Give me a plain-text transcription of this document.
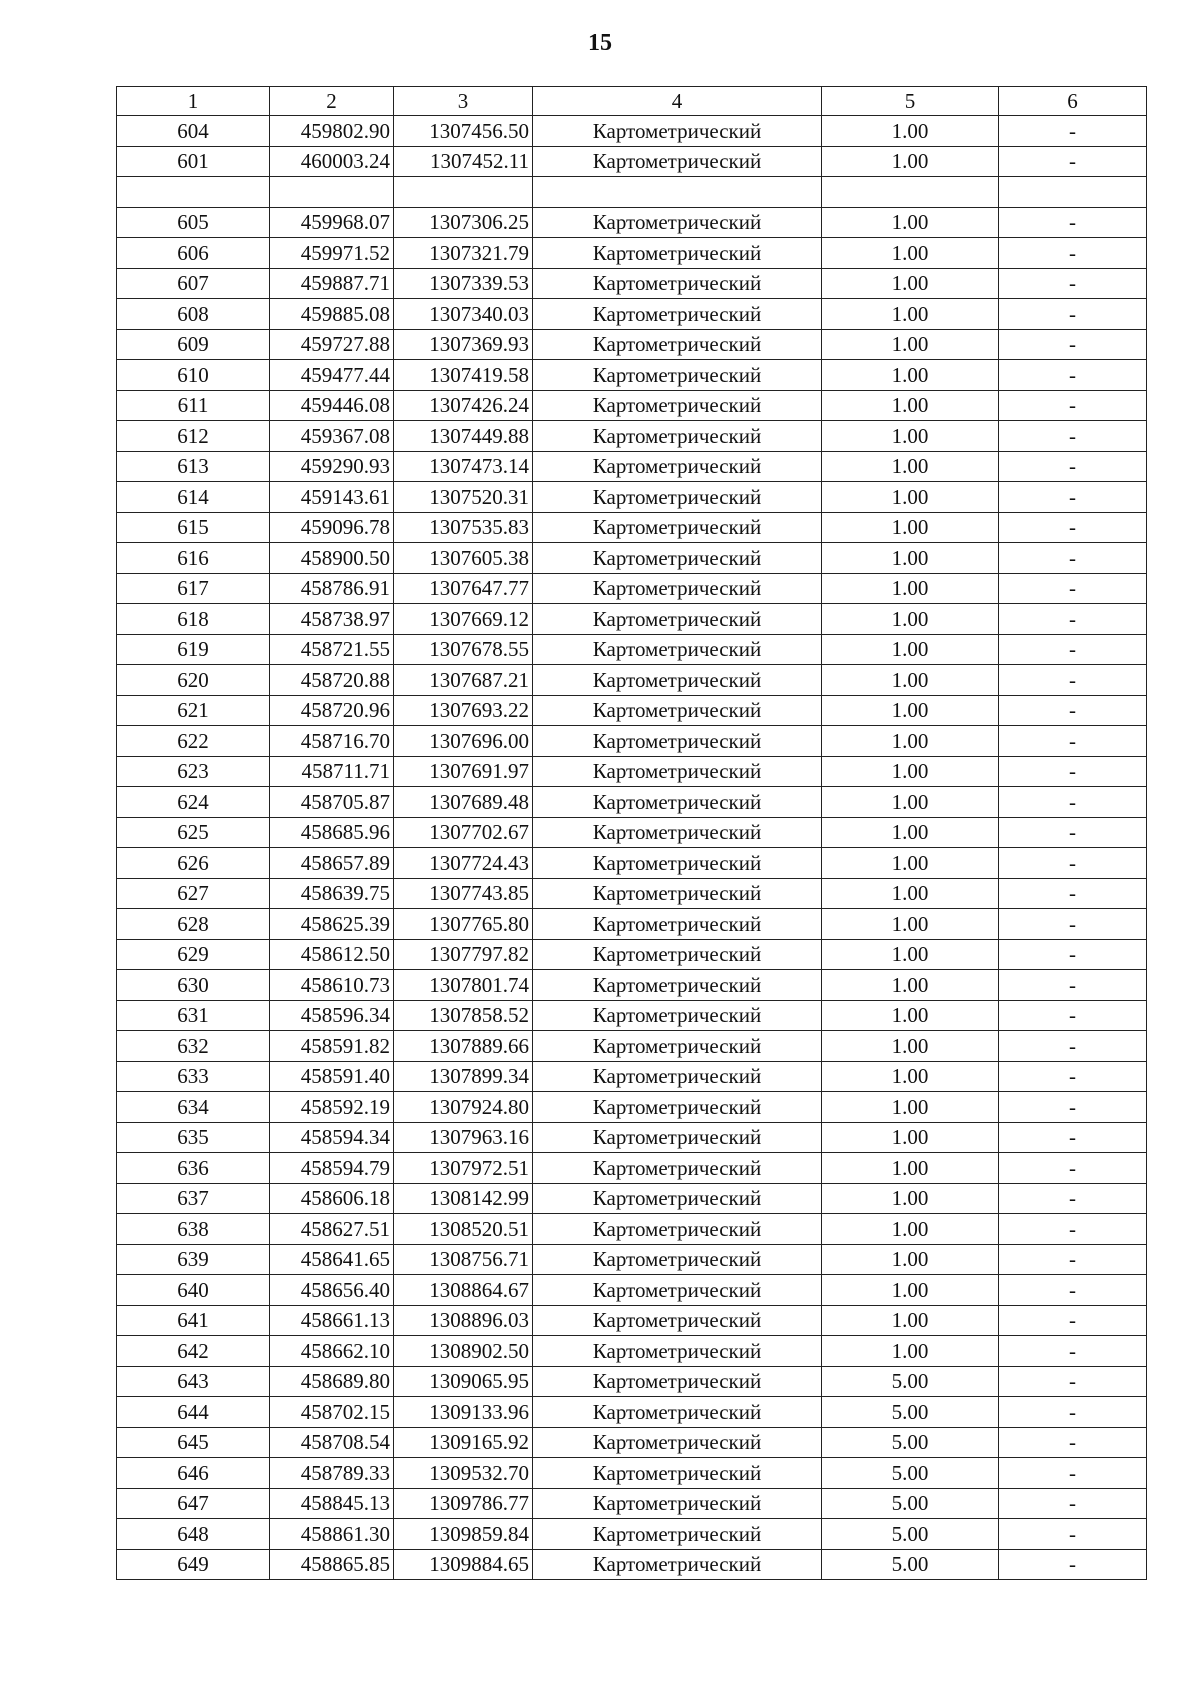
15
1	2	3	4	5	6
604	459802.90	1307456.50	Картометрический	1.00	-
601	460003.24	1307452.11	Картометрический	1.00	-

605	459968.07	1307306.25	Картометрический	1.00	-
606	459971.52	1307321.79	Картометрический	1.00	-
607	459887.71	1307339.53	Картометрический	1.00	-
608	459885.08	1307340.03	Картометрический	1.00	-
609	459727.88	1307369.93	Картометрический	1.00	-
610	459477.44	1307419.58	Картометрический	1.00	-
611	459446.08	1307426.24	Картометрический	1.00	-
612	459367.08	1307449.88	Картометрический	1.00	-
613	459290.93	1307473.14	Картометрический	1.00	-
614	459143.61	1307520.31	Картометрический	1.00	-
615	459096.78	1307535.83	Картометрический	1.00	-
616	458900.50	1307605.38	Картометрический	1.00	-
617	458786.91	1307647.77	Картометрический	1.00	-
618	458738.97	1307669.12	Картометрический	1.00	-
619	458721.55	1307678.55	Картометрический	1.00	-
620	458720.88	1307687.21	Картометрический	1.00	-
621	458720.96	1307693.22	Картометрический	1.00	-
622	458716.70	1307696.00	Картометрический	1.00	-
623	458711.71	1307691.97	Картометрический	1.00	-
624	458705.87	1307689.48	Картометрический	1.00	-
625	458685.96	1307702.67	Картометрический	1.00	-
626	458657.89	1307724.43	Картометрический	1.00	-
627	458639.75	1307743.85	Картометрический	1.00	-
628	458625.39	1307765.80	Картометрический	1.00	-
629	458612.50	1307797.82	Картометрический	1.00	-
630	458610.73	1307801.74	Картометрический	1.00	-
631	458596.34	1307858.52	Картометрический	1.00	-
632	458591.82	1307889.66	Картометрический	1.00	-
633	458591.40	1307899.34	Картометрический	1.00	-
634	458592.19	1307924.80	Картометрический	1.00	-
635	458594.34	1307963.16	Картометрический	1.00	-
636	458594.79	1307972.51	Картометрический	1.00	-
637	458606.18	1308142.99	Картометрический	1.00	-
638	458627.51	1308520.51	Картометрический	1.00	-
639	458641.65	1308756.71	Картометрический	1.00	-
640	458656.40	1308864.67	Картометрический	1.00	-
641	458661.13	1308896.03	Картометрический	1.00	-
642	458662.10	1308902.50	Картометрический	1.00	-
643	458689.80	1309065.95	Картометрический	5.00	-
644	458702.15	1309133.96	Картометрический	5.00	-
645	458708.54	1309165.92	Картометрический	5.00	-
646	458789.33	1309532.70	Картометрический	5.00	-
647	458845.13	1309786.77	Картометрический	5.00	-
648	458861.30	1309859.84	Картометрический	5.00	-
649	458865.85	1309884.65	Картометрический	5.00	-
